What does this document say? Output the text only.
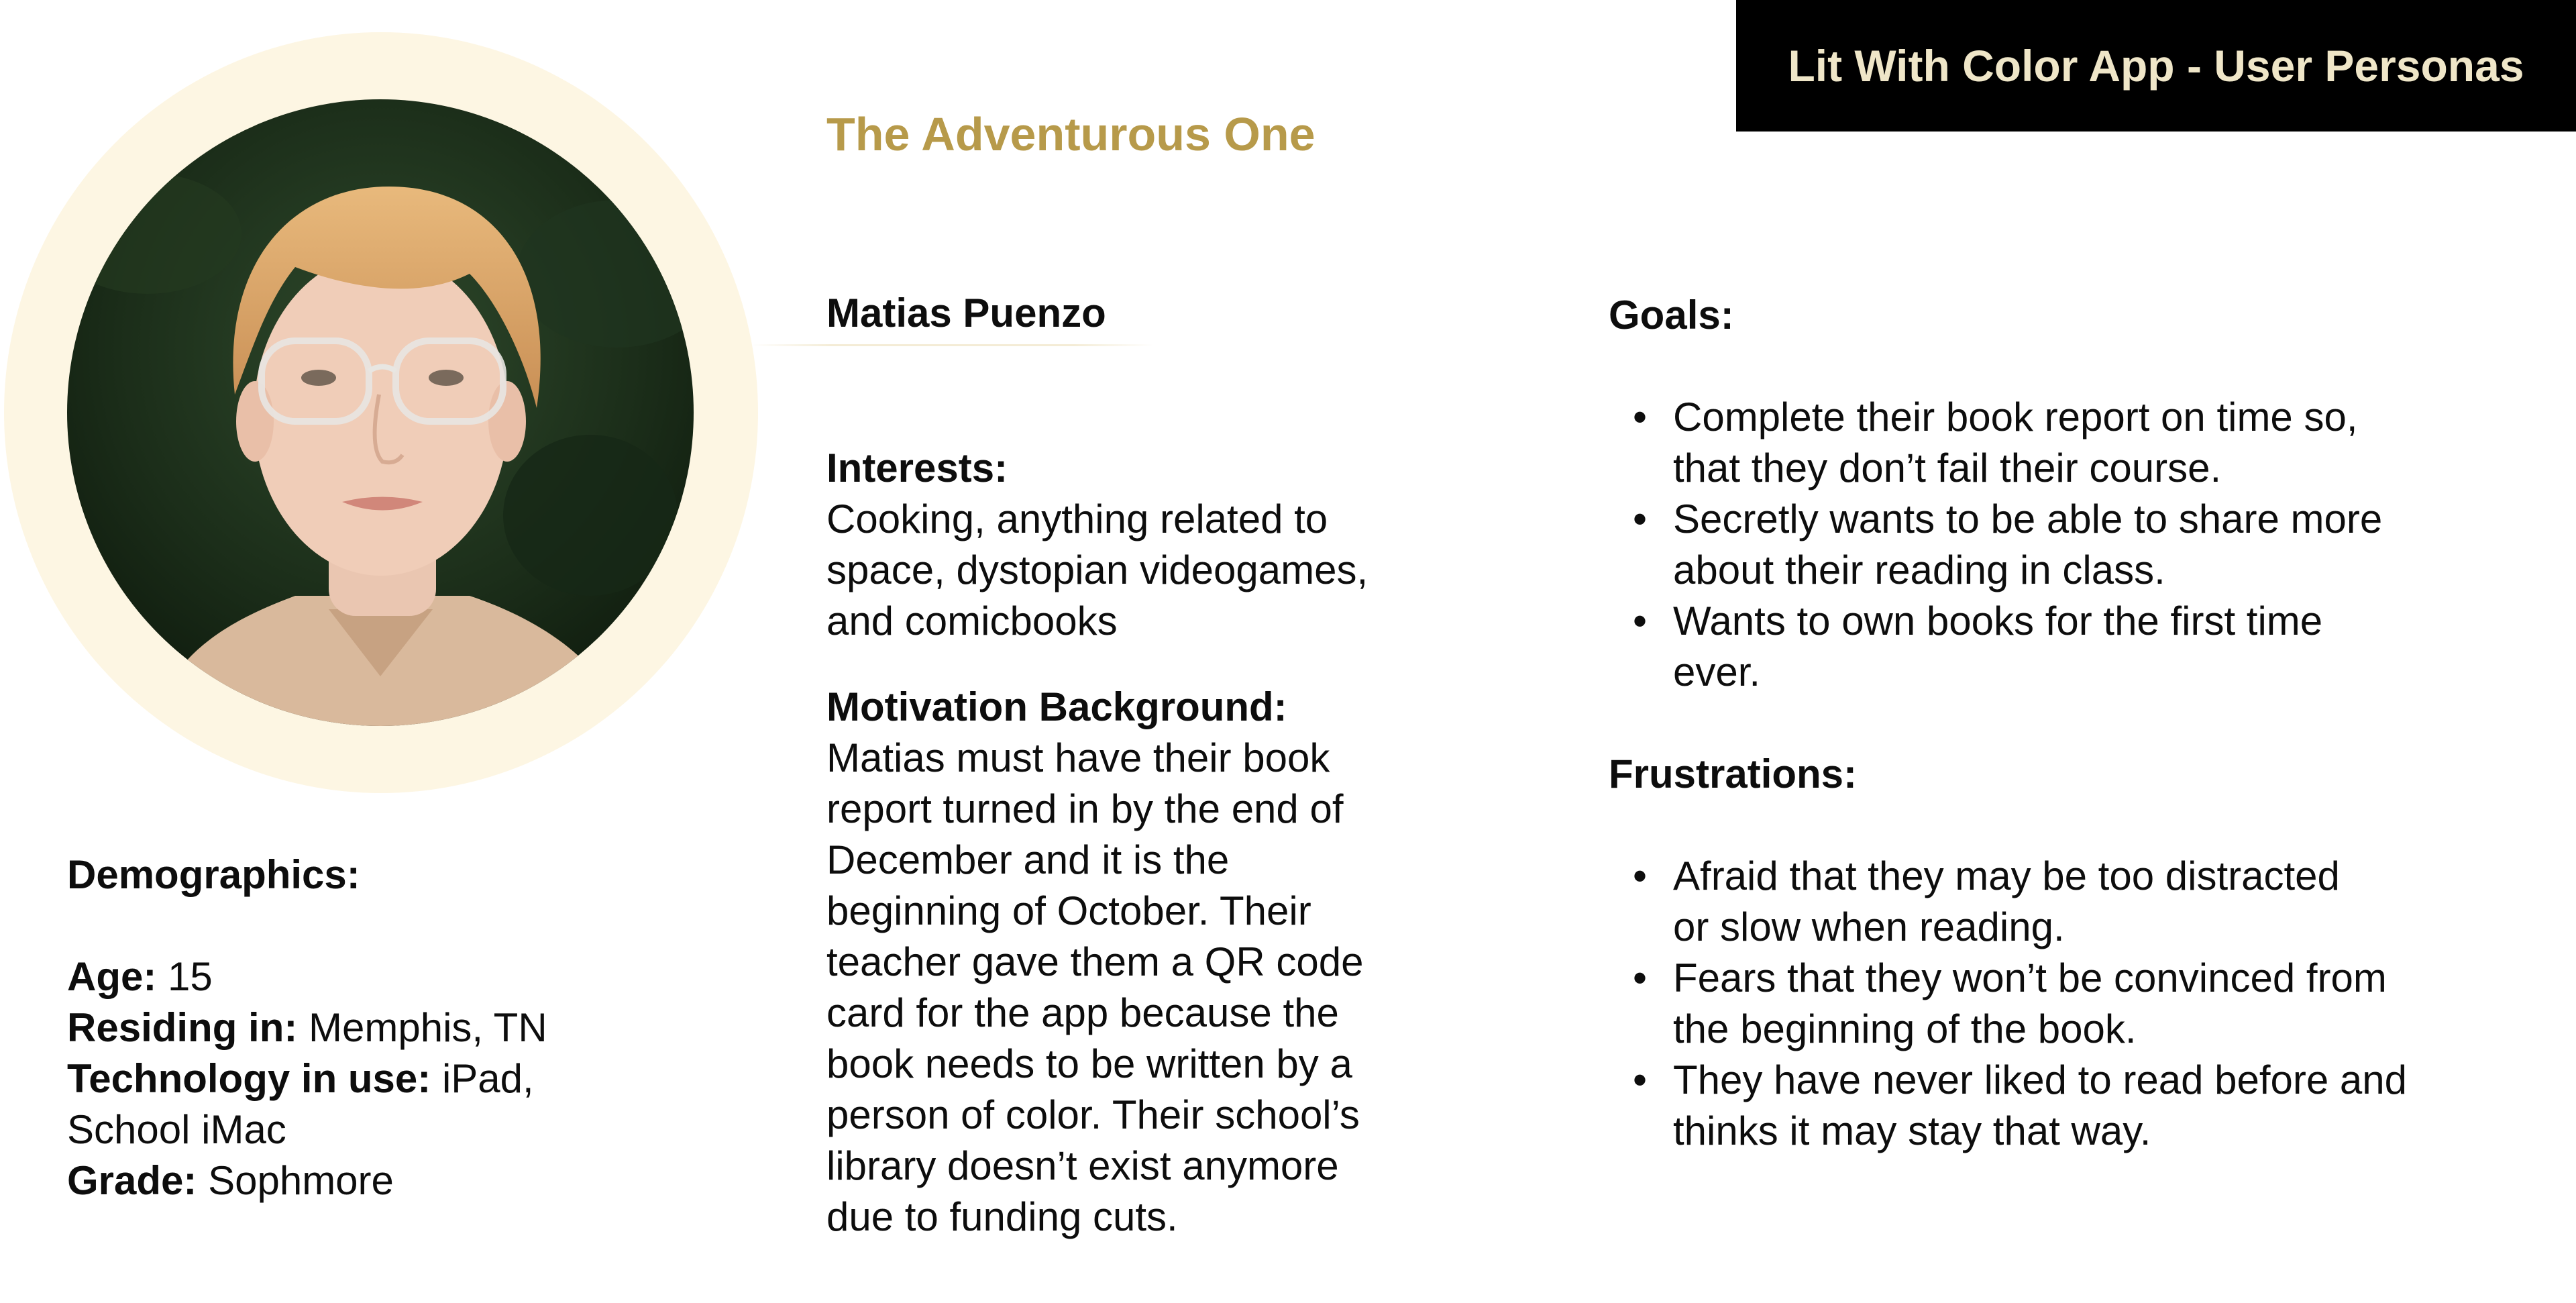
Lit With Color App - User Personas
The Adventurous One
Matias Puenzo
Interests:
Cooking, anything related to
space, dystopian videogames,
and comicbooks
Motivation Background:
Matias must have their book
report turned in by the end of
December and it is the
beginning of October. Their
teacher gave them a QR code
card for the app because the
book needs to be written by a
person of color. Their school’s
library doesn’t exist anymore
due to funding cuts.
Demographics:
Age: 15
Residing in: Memphis, TN
Technology in use: iPad,
School iMac
Grade: Sophmore
Goals:
• Complete their book report on time so,
that they don’t fail their course.
• Secretly wants to be able to share more
about their reading in class.
• Wants to own books for the first time
ever.
Frustrations:
• Afraid that they may be too distracted
or slow when reading.
• Fears that they won’t be convinced from
the beginning of the book.
• They have never liked to read before and
thinks it may stay that way.
